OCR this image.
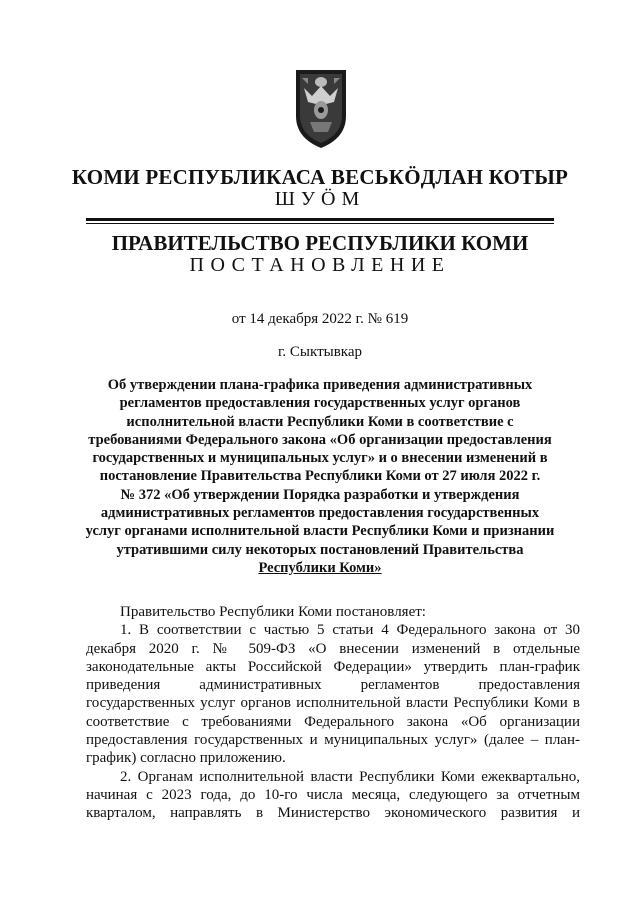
КОМИ РЕСПУБЛИКАСА ВЕСЬКӦДЛАН КОТЫР
ШУӦМ
ПРАВИТЕЛЬСТВО РЕСПУБЛИКИ КОМИ
ПОСТАНОВЛЕНИЕ
от 14 декабря 2022 г. № 619
г. Сыктывкар
Об утверждении плана-графика приведения административных
регламентов предоставления государственных услуг органов
исполнительной власти Республики Коми в соответствие с
требованиями Федерального закона «Об организации предоставления
государственных и муниципальных услуг» и о внесении изменений в
постановление Правительства Республики Коми от 27 июля 2022 г.
№ 372 «Об утверждении Порядка разработки и утверждения
административных регламентов предоставления государственных
услуг органами исполнительной власти Республики Коми и признании
утратившими силу некоторых постановлений Правительства
Республики Коми»
Правительство Республики Коми постановляет:
1. В соответствии с частью 5 статьи 4 Федерального закона от 30
декабря 2020 г. № 509-ФЗ «О внесении изменений в отдельные
законодательные акты Российской Федерации» утвердить план-график
приведения административных регламентов предоставления
государственных услуг органов исполнительной власти Республики Коми в
соответствие с требованиями Федерального закона «Об организации
предоставления государственных и муниципальных услуг» (далее – план-
график) согласно приложению.
2. Органам исполнительной власти Республики Коми ежеквартально,
начиная с 2023 года, до 10-го числа месяца, следующего за отчетным
кварталом, направлять в Министерство экономического развития и
